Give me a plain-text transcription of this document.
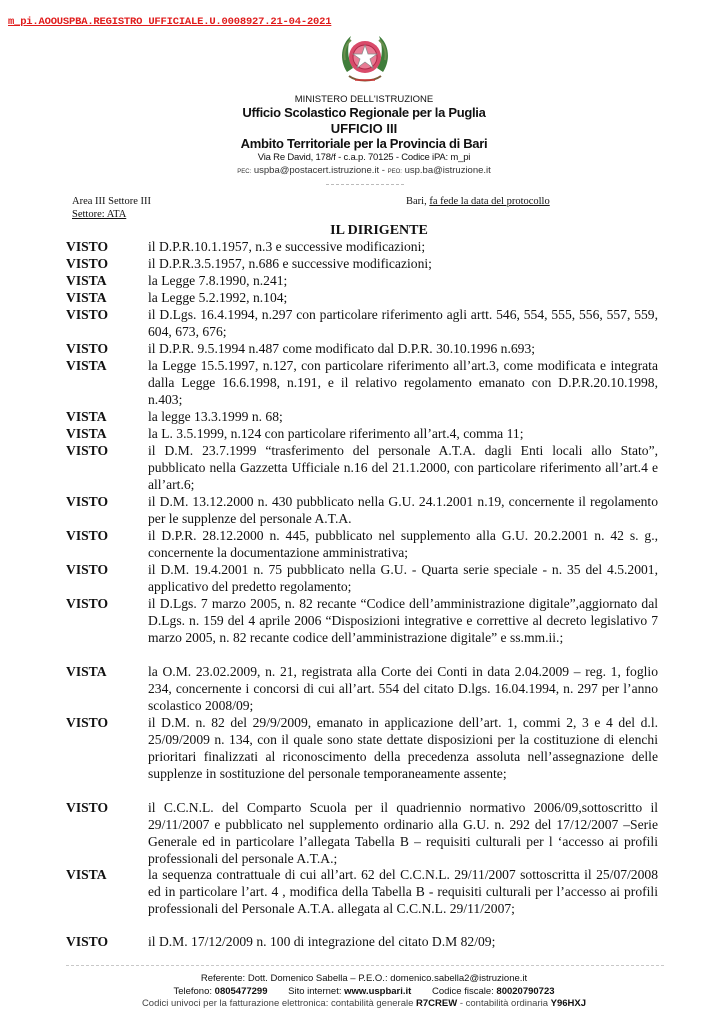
m_pi.AOOUSPBA.REGISTRO UFFICIALE.U.0008927.21-04-2021
MINISTERO DELL'ISTRUZIONE
Ufficio Scolastico Regionale per la Puglia
UFFICIO III
Ambito Territoriale per la Provincia di Bari
Via Re David, 178/f - c.a.p. 70125 - Codice iPA: m_pi
PEC: uspba@postacert.istruzione.it - PEO: usp.ba@istruzione.it
Area III Settore III
Settore: ATA
Bari, fa fede la data del protocollo
IL DIRIGENTE
VISTO	il D.P.R.10.1.1957, n.3 e successive modificazioni;
VISTO	il D.P.R.3.5.1957, n.686 e successive modificazioni;
VISTA	la Legge 7.8.1990, n.241;
VISTA	la Legge 5.2.1992, n.104;
VISTO	il D.Lgs. 16.4.1994, n.297 con particolare riferimento agli artt. 546, 554, 555, 556, 557, 559, 604, 673, 676;
VISTO	il D.P.R. 9.5.1994 n.487 come modificato dal D.P.R. 30.10.1996 n.693;
VISTA	la Legge 15.5.1997, n.127, con particolare riferimento all’art.3, come modificata e integrata dalla Legge 16.6.1998, n.191, e il relativo regolamento emanato con D.P.R.20.10.1998, n.403;
VISTA	la legge 13.3.1999 n. 68;
VISTA	la L. 3.5.1999, n.124 con particolare riferimento all’art.4, comma 11;
VISTO	il D.M. 23.7.1999 “trasferimento del personale A.T.A. dagli Enti locali allo Stato”, pubblicato nella Gazzetta Ufficiale n.16 del 21.1.2000, con particolare riferimento all’art.4 e all’art.6;
VISTO	il D.M. 13.12.2000 n. 430 pubblicato nella G.U. 24.1.2001 n.19, concernente il regolamento per le supplenze del personale A.T.A.
VISTO	il D.P.R. 28.12.2000 n. 445, pubblicato nel supplemento alla G.U. 20.2.2001 n. 42 s. g., concernente la documentazione amministrativa;
VISTO	il D.M. 19.4.2001 n. 75 pubblicato nella G.U. - Quarta serie speciale - n. 35 del 4.5.2001, applicativo del predetto regolamento;
VISTO	il D.Lgs. 7 marzo 2005, n. 82 recante “Codice dell’amministrazione digitale”,aggiornato dal D.Lgs. n. 159 del 4 aprile 2006 “Disposizioni integrative e correttive al decreto legislativo 7 marzo 2005, n. 82 recante codice dell’amministrazione digitale” e ss.mm.ii.;
VISTA	la O.M. 23.02.2009, n. 21, registrata alla Corte dei Conti in data 2.04.2009 – reg. 1, foglio 234, concernente i concorsi di cui all’art. 554 del citato D.lgs. 16.04.1994, n. 297 per l’anno scolastico 2008/09;
VISTO	il D.M. n. 82 del 29/9/2009, emanato in applicazione dell’art. 1, commi 2, 3 e 4 del d.l. 25/09/2009 n. 134, con il quale sono state dettate disposizioni per la costituzione di elenchi prioritari finalizzati al riconoscimento della precedenza assoluta nell’assegnazione delle supplenze in sostituzione del personale temporaneamente assente;
VISTO	il C.C.N.L. del Comparto Scuola per il quadriennio normativo 2006/09,sottoscritto il 29/11/2007 e pubblicato nel supplemento ordinario alla G.U. n. 292 del 17/12/2007 –Serie Generale ed in particolare l’allegata Tabella B – requisiti culturali per l ‘accesso ai profili professionali del personale A.T.A.;
VISTA	la sequenza contrattuale di cui all’art. 62 del C.C.N.L. 29/11/2007 sottoscritta il 25/07/2008 ed in particolare l’art. 4 , modifica della Tabella B - requisiti culturali per l’accesso ai profili professionali del Personale A.T.A. allegata al C.C.N.L. 29/11/2007;
VISTO	il D.M. 17/12/2009 n. 100 di integrazione del citato D.M 82/09;
Referente: Dott. Domenico Sabella – P.E.O.: domenico.sabella2@istruzione.it
Telefono: 0805477299 Sito internet: www.uspbari.it Codice fiscale: 80020790723
Codici univoci per la fatturazione elettronica: contabilità generale R7CREW - contabilità ordinaria Y96HXJ
